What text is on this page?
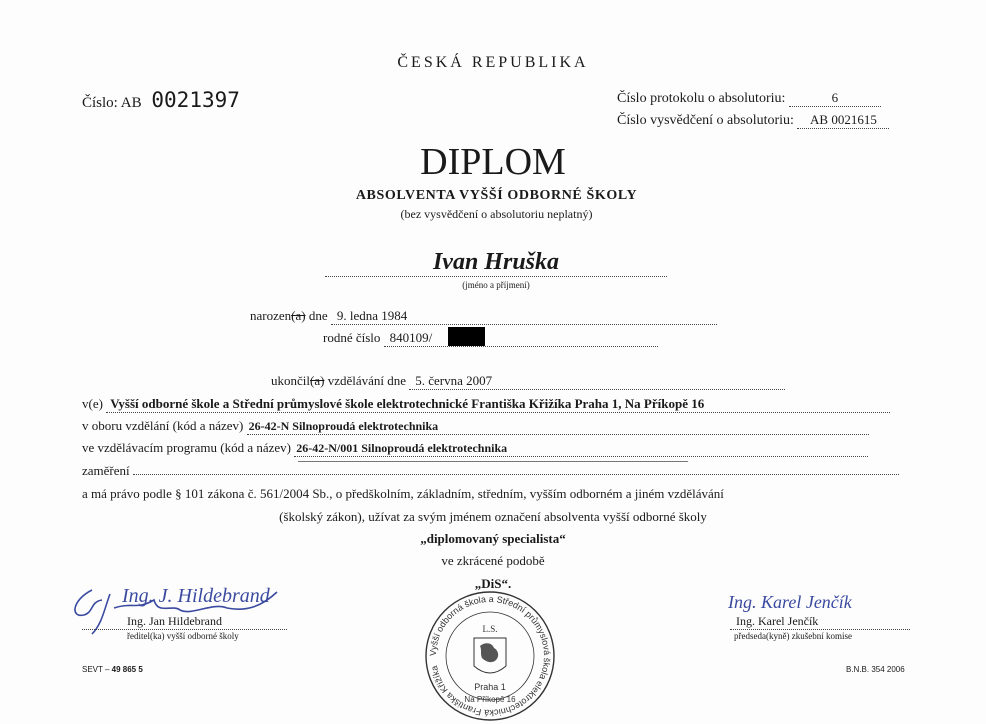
ČESKÁ REPUBLIKA
Číslo: AB 0021397	Číslo protokolu o absolutoriu:	6
Číslo vysvědčení o absolutoriu: AB 0021615
DIPLOM
ABSOLVENTA VYŠŠÍ ODBORNÉ ŠKOLY
(bez vysvědčení o absolutoriu neplatný)
Ivan Hruška
(jméno a příjmení)
narozen(a) dne 9. ledna 1984
rodné číslo 840109/
ukončil(a) vzdělávání dne 5. června 2007
v(e) Vyšší odborné škole a Střední průmyslové škole elektrotechnické Františka Křižíka Praha 1, Na Příkopě 16
v oboru vzdělání (kód a název) 26-42-N Silnoproudá elektrotechnika
ve vzdělávacím programu (kód a název) 26-42-N/001 Silnoproudá elektrotechnika
zaměření
a má právo podle § 101 zákona č. 561/2004 Sb., o předškolním, základním, středním, vyšším odborném a jiném vzdělávání
(školský zákon), užívat za svým jménem označení absolventa vyšší odborné školy
„diplomovaný specialista“
ve zkrácené podobě
„DiS“.
Ing. J. Hildebrand
Ing. Jan Hildebrand
ředitel(ka) vyšší odborné školy
Ing. Karel Jenčík
Ing. Karel Jenčík
předseda(kyně) zkušební komise
Vyšší odborná škola a Střední průmyslová škola elektrotechnická Františka Křižíka
L.S.
Praha 1
Na Příkopě 16
SEVT – 49 865 5	B.N.B. 354 2006
